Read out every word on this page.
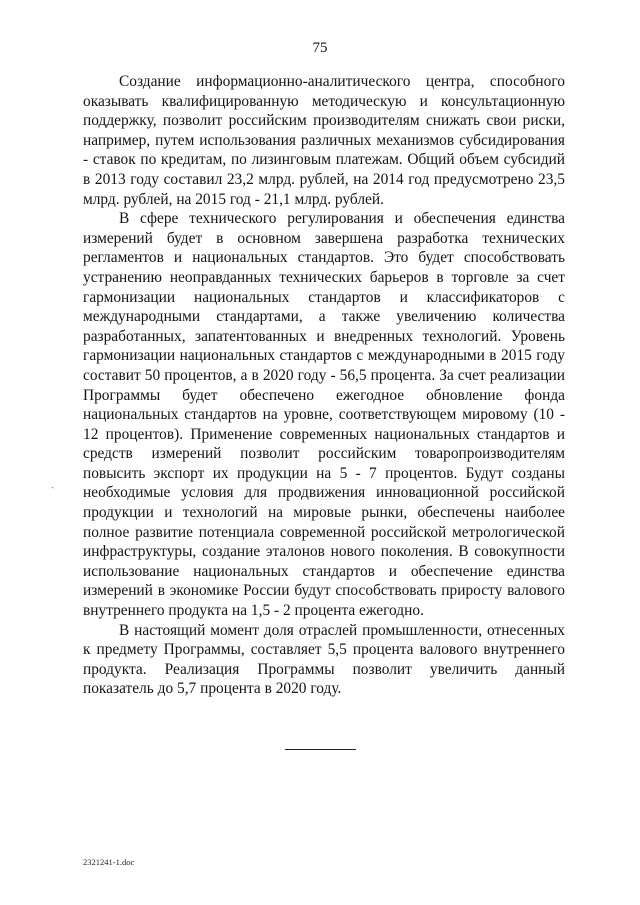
75

Создание информационно-аналитического центра, способного оказывать квалифицированную методическую и консультационную поддержку, позволит российским производителям снижать свои риски, например, путем использования различных механизмов субсидирования - ставок по кредитам, по лизинговым платежам. Общий объем субсидий в 2013 году составил 23,2 млрд. рублей, на 2014 год предусмотрено 23,5 млрд. рублей, на 2015 год - 21,1 млрд. рублей.

В сфере технического регулирования и обеспечения единства измерений будет в основном завершена разработка технических регламентов и национальных стандартов. Это будет способствовать устранению неоправданных технических барьеров в торговле за счет гармонизации национальных стандартов и классификаторов с международными стандартами, а также увеличению количества разработанных, запатентованных и внедренных технологий. Уровень гармонизации национальных стандартов с международными в 2015 году составит 50 процентов, а в 2020 году - 56,5 процента. За счет реализации Программы будет обеспечено ежегодное обновление фонда национальных стандартов на уровне, соответствующем мировому (10 - 12 процентов). Применение современных национальных стандартов и средств измерений позволит российским товаропроизводителям повысить экспорт их продукции на 5 - 7 процентов. Будут созданы необходимые условия для продвижения инновационной российской продукции и технологий на мировые рынки, обеспечены наиболее полное развитие потенциала современной российской метрологической инфраструктуры, создание эталонов нового поколения. В совокупности использование национальных стандартов и обеспечение единства измерений в экономике России будут способствовать приросту валового внутреннего продукта на 1,5 - 2 процента ежегодно.

В настоящий момент доля отраслей промышленности, отнесенных к предмету Программы, составляет 5,5 процента валового внутреннего продукта. Реализация Программы позволит увеличить данный показатель до 5,7 процента в 2020 году.

ˏ
2321241-1.doc
